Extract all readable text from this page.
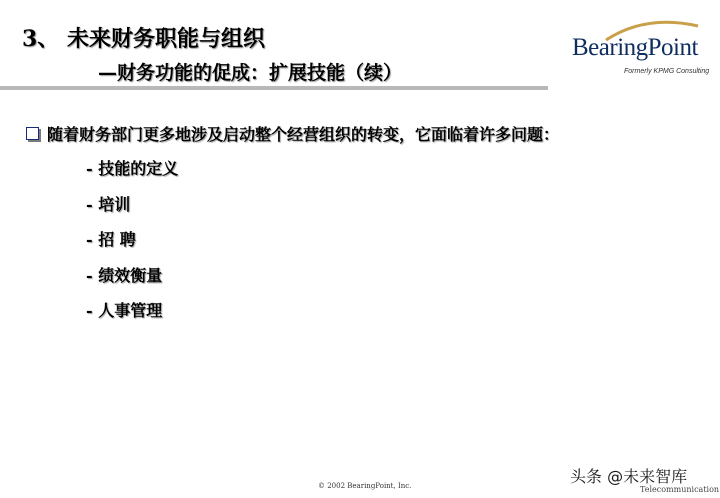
3、 未来财务职能与组织
—财务功能的促成：扩展技能（续）
BearingPoint
Formerly KPMG Consulting
随着财务部门更多地涉及启动整个经营组织的转变，它面临着许多问题：
- 技能的定义
- 培训
- 招 聘
- 绩效衡量
- 人事管理
© 2002 BearingPoint, Inc.	头条 @未来智库
Telecommunication
